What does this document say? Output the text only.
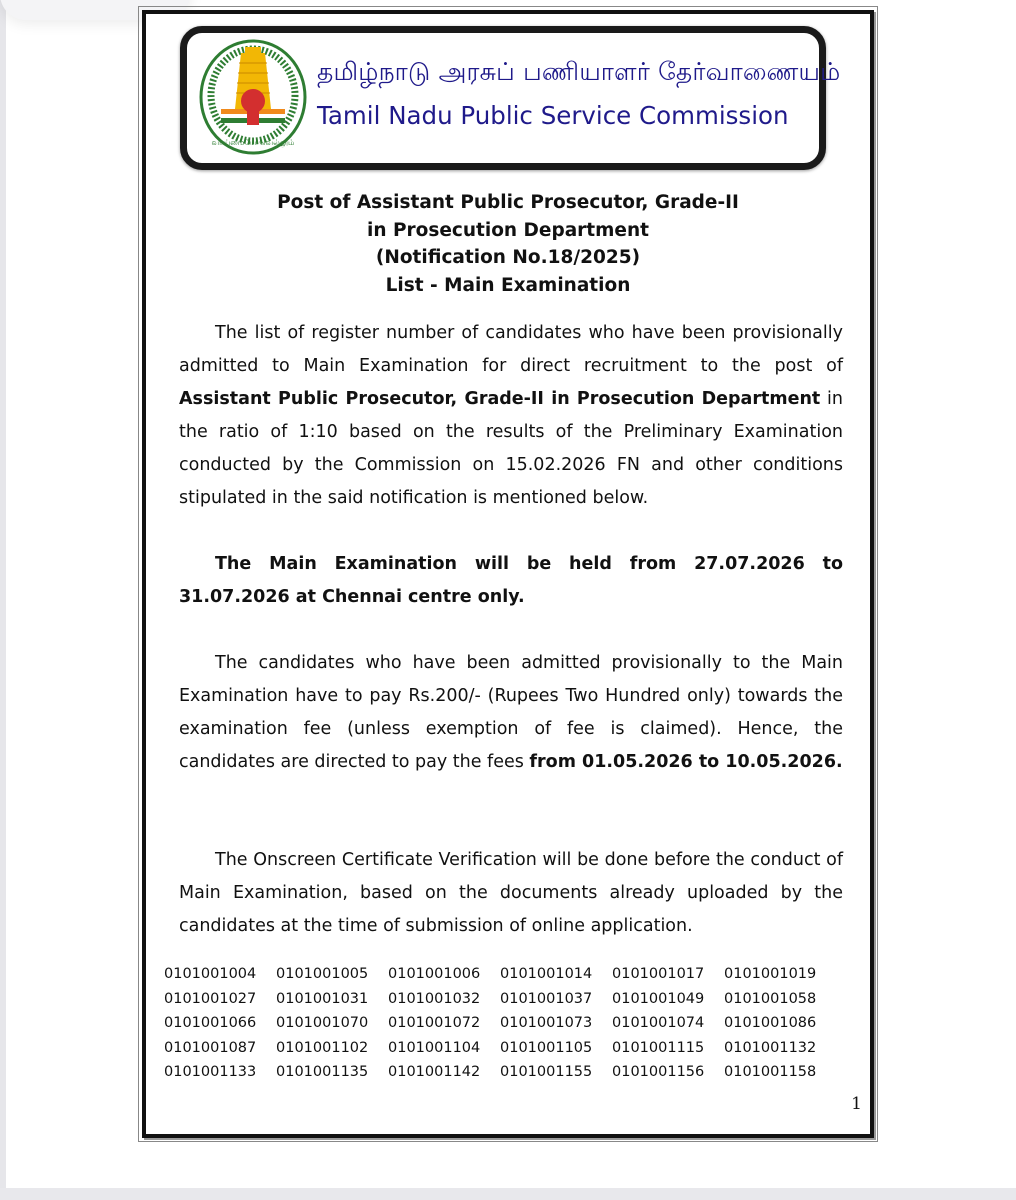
வாய்மையே வெல்லும்
தமிழ்நாடு அரசுப் பணியாளர் தேர்வாணையம்
Tamil Nadu Public Service Commission
Post of Assistant Public Prosecutor, Grade-II
in Prosecution Department
(Notification No.18/2025)
List - Main Examination
The list of register number of candidates who have been provisionally admitted to Main Examination for direct recruitment to the post of Assistant Public Prosecutor, Grade-II in Prosecution Department in the ratio of 1:10 based on the results of the Preliminary Examination conducted by the Commission on 15.02.2026 FN and other conditions stipulated in the said notification is mentioned below.
The Main Examination will be held from 27.07.2026 to 31.07.2026 at Chennai centre only.
The candidates who have been admitted provisionally to the Main Examination have to pay Rs.200/- (Rupees Two Hundred only) towards the examination fee (unless exemption of fee is claimed). Hence, the candidates are directed to pay the fees from 01.05.2026 to 10.05.2026.
The Onscreen Certificate Verification will be done before the conduct of Main Examination, based on the documents already uploaded by the candidates at the time of submission of online application.
0101001004	0101001005	0101001006	0101001014	0101001017	0101001019
0101001027	0101001031	0101001032	0101001037	0101001049	0101001058
0101001066	0101001070	0101001072	0101001073	0101001074	0101001086
0101001087	0101001102	0101001104	0101001105	0101001115	0101001132
0101001133	0101001135	0101001142	0101001155	0101001156	0101001158
1
